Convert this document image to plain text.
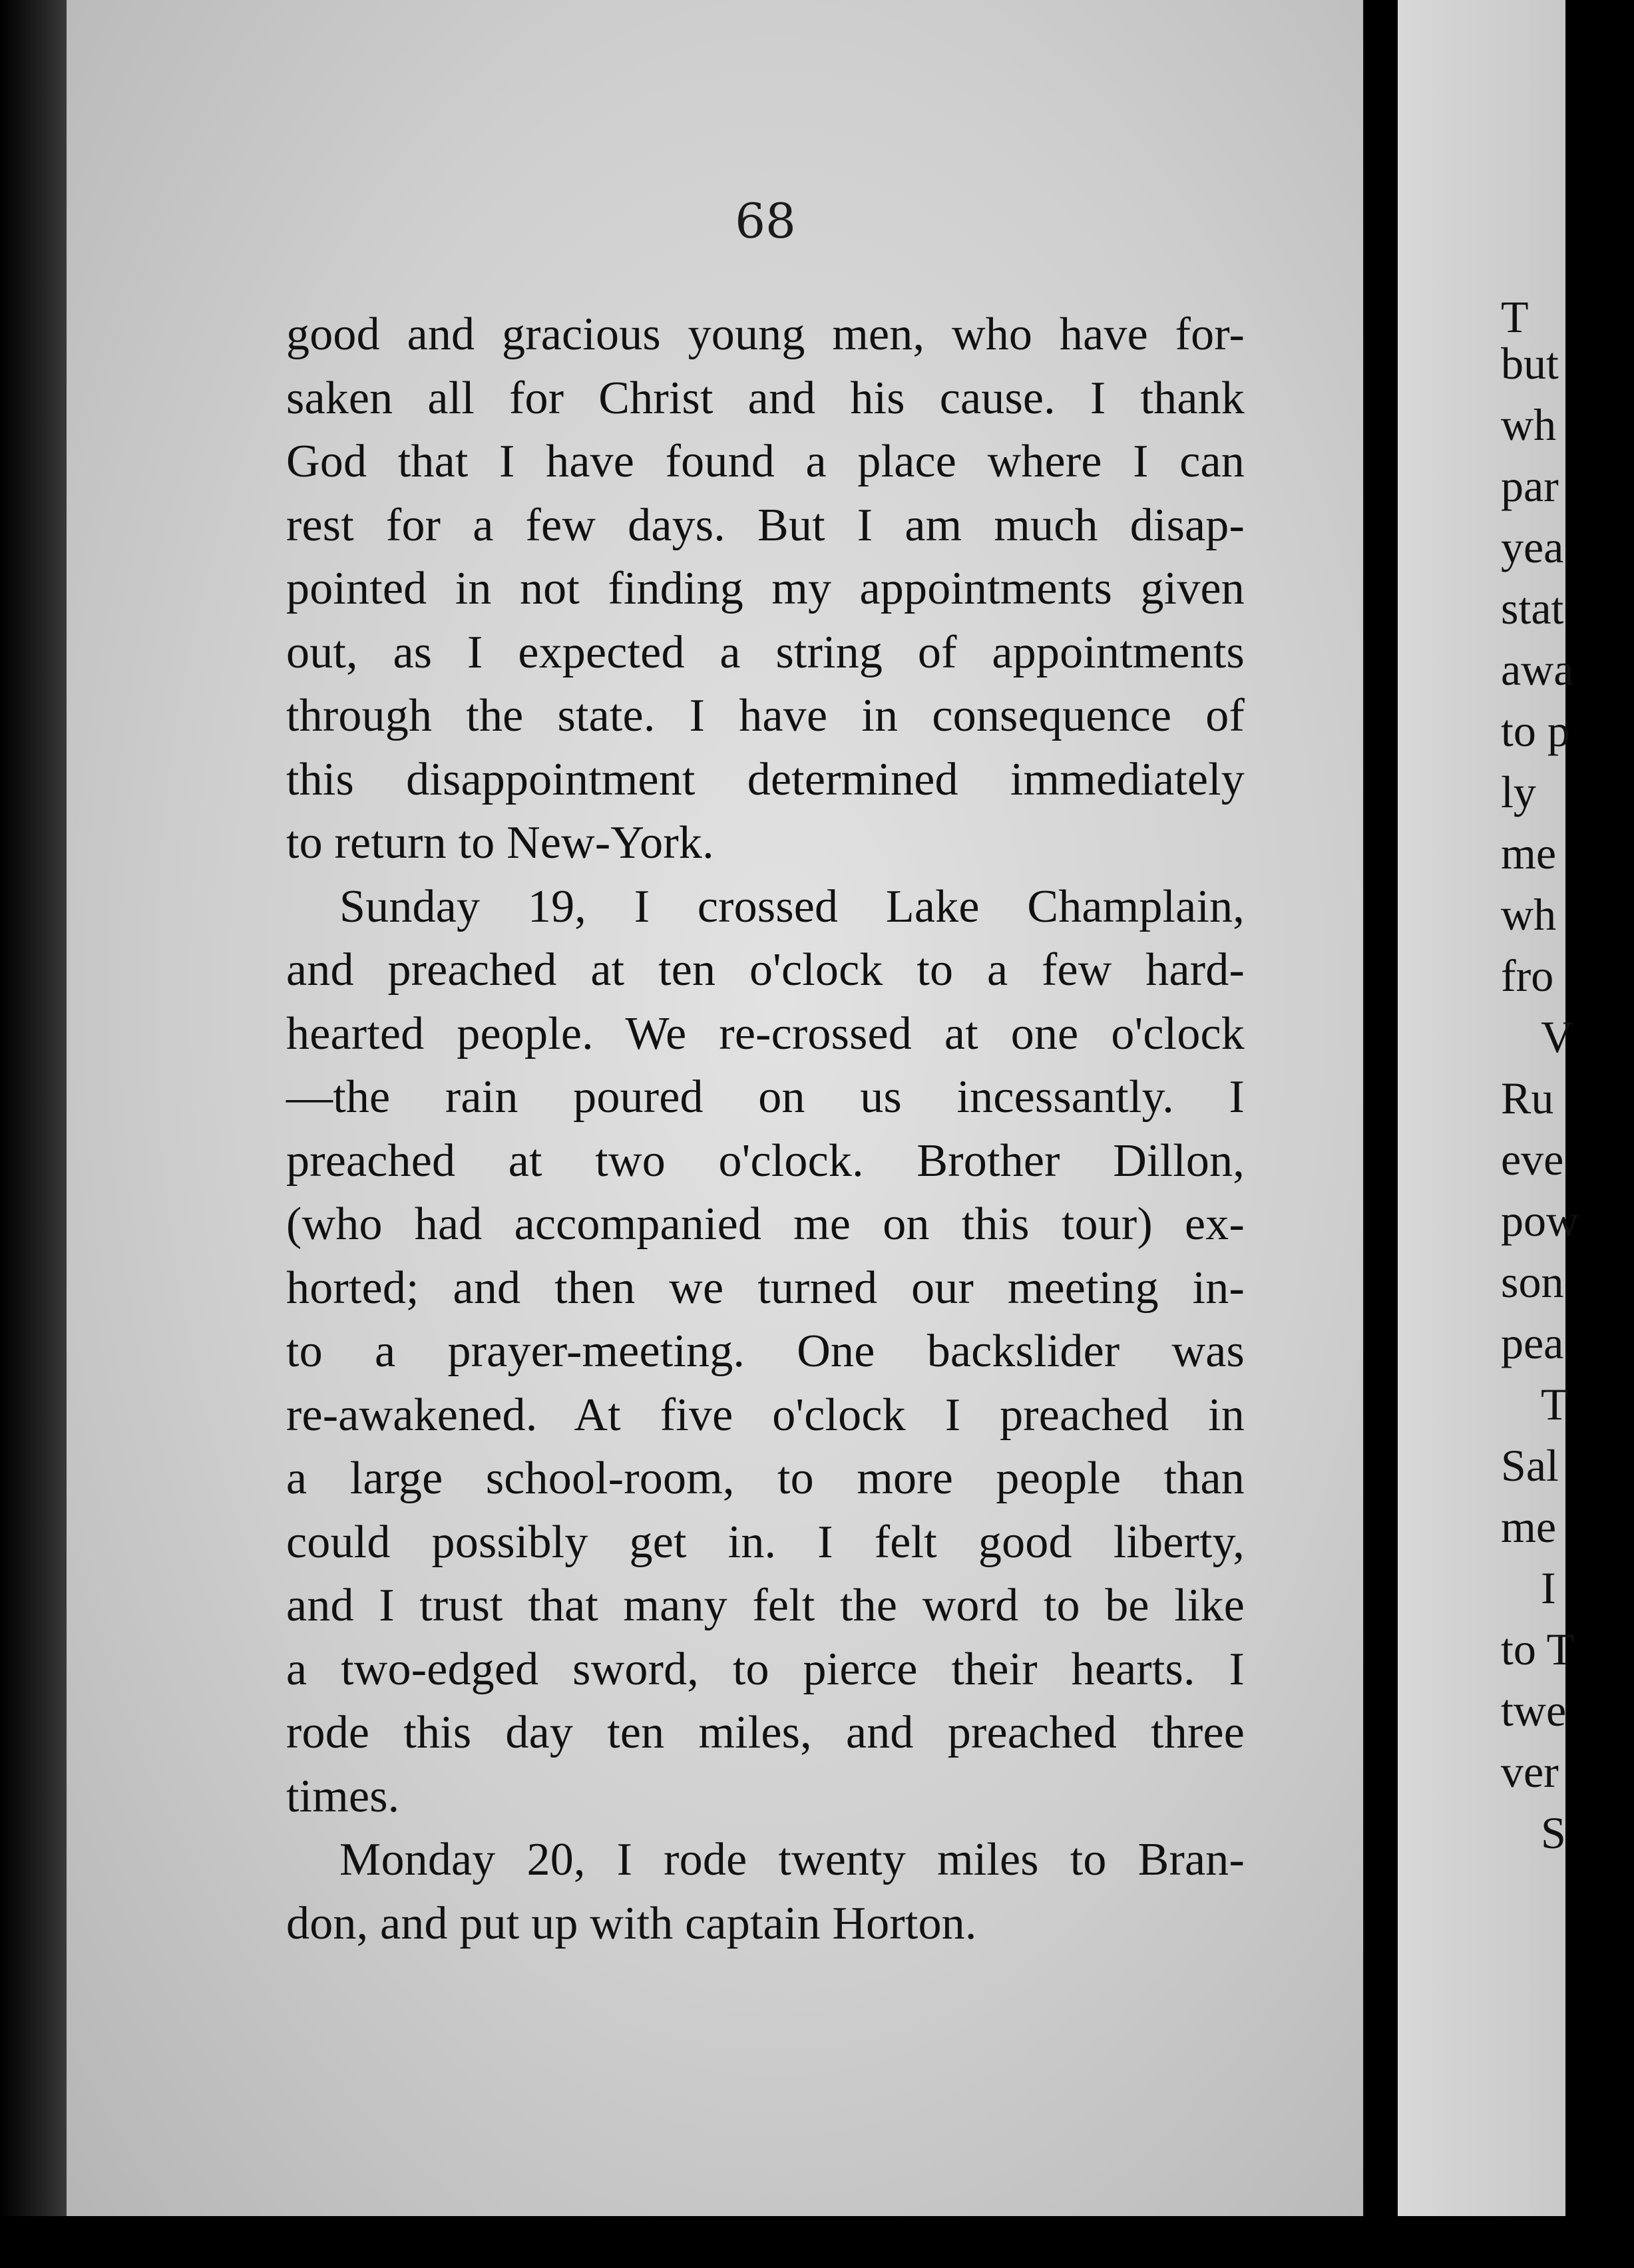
68
good and gracious young men, who have for-
saken all for Christ and his cause. I thank
God that I have found a place where I can
rest for a few days. But I am much disap-
pointed in not finding my appointments given
out, as I expected a string of appointments
through the state. I have in consequence of
this disappointment determined immediately
to return to New-York.
Sunday 19, I crossed Lake Champlain,
and preached at ten o'clock to a few hard-
hearted people. We re-crossed at one o'clock
—the rain poured on us incessantly. I
preached at two o'clock. Brother Dillon,
(who had accompanied me on this tour) ex-
horted; and then we turned our meeting in-
to a prayer-meeting. One backslider was
re-awakened. At five o'clock I preached in
a large school-room, to more people than
could possibly get in. I felt good liberty,
and I trust that many felt the word to be like
a two-edged sword, to pierce their hearts. I
rode this day ten miles, and preached three
times.
Monday 20, I rode twenty miles to Bran-
don, and put up with captain Horton.
T
but
wh
par
yea
stat
awa
to p
ly
me
wh
fro
V
Ru
eve
pow
son
pea
T
Sal
me
I
to T
twe
ver
S
